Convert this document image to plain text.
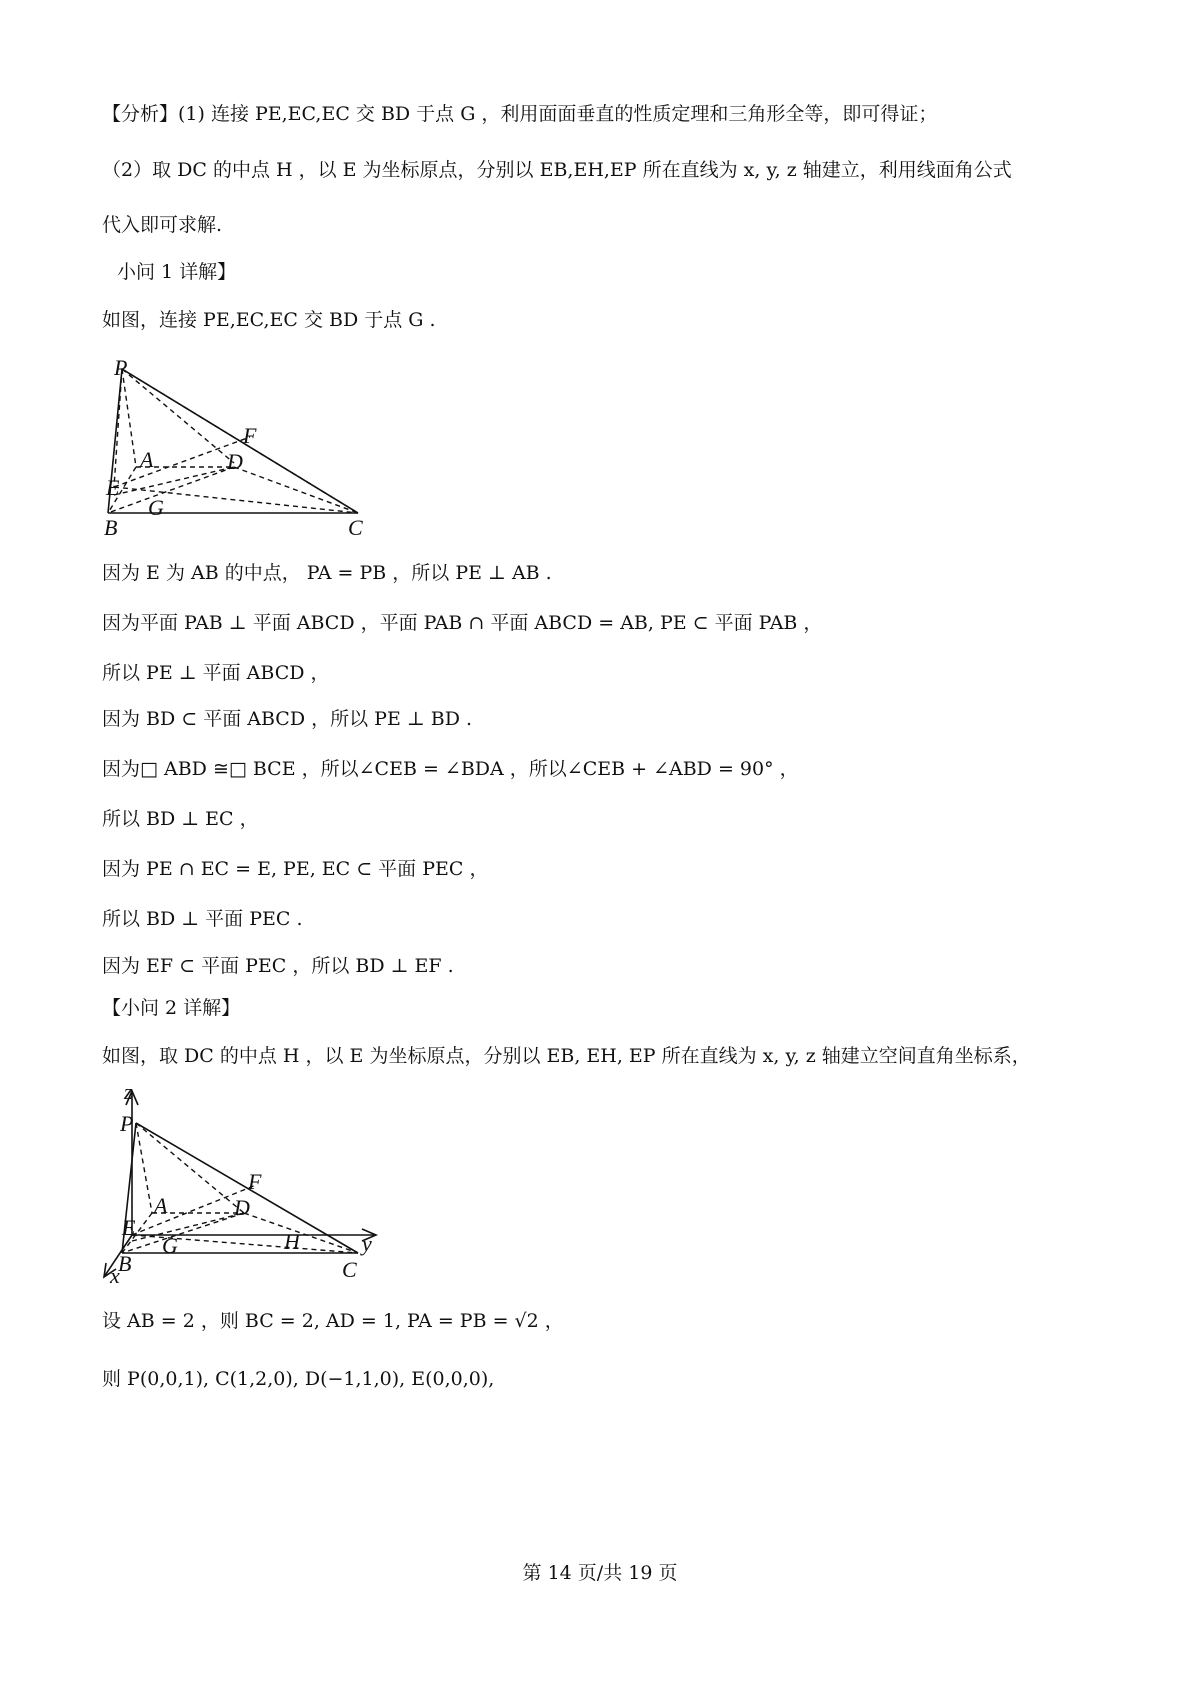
【分析】(1) 连接 PE,EC,EC 交 BD 于点 G ，利用面面垂直的性质定理和三角形全等，即可得证；
（2）取 DC 的中点 H ，以 E 为坐标原点，分别以 EB,EH,EP 所在直线为 x, y, z 轴建立，利用线面角公式
代入即可求解.
小问 1 详解】
如图，连接 PE,EC,EC 交 BD 于点 G .
P
F
A	D
E
G
B	C
因为 E 为 AB 的中点， PA = PB ，所以 PE ⊥ AB .
因为平面 PAB ⊥ 平面 ABCD ，平面 PAB ∩ 平面 ABCD = AB, PE ⊂ 平面 PAB ，
所以 PE ⊥ 平面 ABCD ，
因为 BD ⊂ 平面 ABCD ，所以 PE ⊥ BD .
因为□ ABD ≅□ BCE ，所以∠CEB = ∠BDA ，所以∠CEB + ∠ABD = 90° ，
所以 BD ⊥ EC ，
因为 PE ∩ EC = E, PE, EC ⊂ 平面 PEC ，
所以 BD ⊥ 平面 PEC .
因为 EF ⊂ 平面 PEC ，所以 BD ⊥ EF .
【小问 2 详解】
如图，取 DC 的中点 H ，以 E 为坐标原点，分别以 EB, EH, EP 所在直线为 x, y, z 轴建立空间直角坐标系，
z
P
F
A	D
E
G	H	y
B	C
x
设 AB = 2 ，则 BC = 2, AD = 1, PA = PB = √2 ，
则 P(0,0,1), C(1,2,0), D(−1,1,0), E(0,0,0),
第 14 页/共 19 页
